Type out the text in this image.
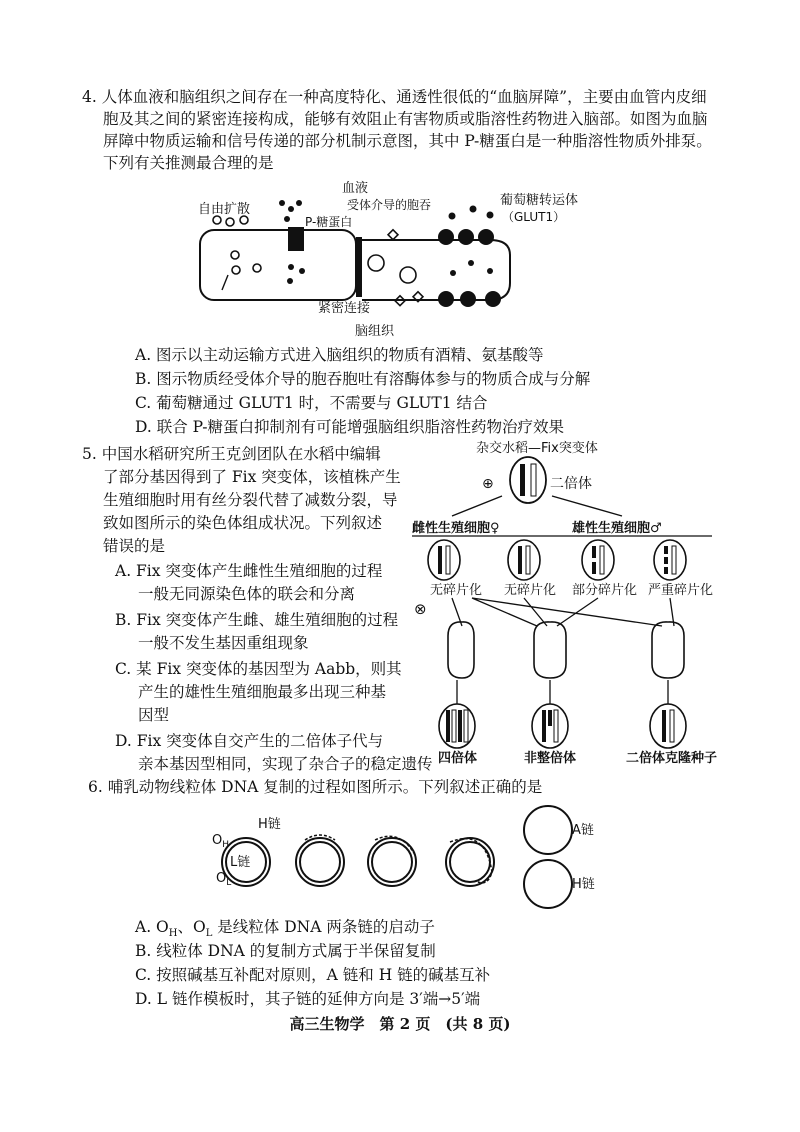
4. 人体血液和脑组织之间存在一种高度特化、通透性很低的“血脑屏障”，主要由血管内皮细
胞及其之间的紧密连接构成，能够有效阻止有害物质或脂溶性药物进入脑部。如图为血脑
屏障中物质运输和信号传递的部分机制示意图，其中 P-糖蛋白是一种脂溶性物质外排泵。
下列有关推测最合理的是
自由扩散
血液
受体介导的胞吞	葡萄糖转运体
（GLUT1）
P-糖蛋白
紧密连接
脑组织
A. 图示以主动运输方式进入脑组织的物质有酒精、氨基酸等
B. 图示物质经受体介导的胞吞胞吐有溶酶体参与的物质合成与分解
C. 葡萄糖通过 GLUT1 时，不需要与 GLUT1 结合
D. 联合 P-糖蛋白抑制剂有可能增强脑组织脂溶性药物治疗效果
5. 中国水稻研究所王克剑团队在水稻中编辑
了部分基因得到了 Fix 突变体，该植株产生
生殖细胞时用有丝分裂代替了减数分裂，导
致如图所示的染色体组成状况。下列叙述
错误的是
A. Fix 突变体产生雌性生殖细胞的过程
一般无同源染色体的联会和分离
B. Fix 突变体产生雌、雄生殖细胞的过程
一般不发生基因重组现象
C. 某 Fix 突变体的基因型为 Aabb，则其
产生的雄性生殖细胞最多出现三种基
因型
D. Fix 突变体自交产生的二倍体子代与
亲本基因型相同，实现了杂合子的稳定遗传
杂交水稻—Fix突变体
⊕	二倍体
雌性生殖细胞♀	雄性生殖细胞♂
无碎片化 无碎片化 部分碎片化 严重碎片化
⊗
四倍体	非整倍体	二倍体克隆种子
6. 哺乳动物线粒体 DNA 复制的过程如图所示。下列叙述正确的是
$O_H$
H链
$O_L$
L链
A链
H链
A. $O_H$、$O_L$ 是线粒体 DNA 两条链的启动子
B. 线粒体 DNA 的复制方式属于半保留复制
C. 按照碱基互补配对原则，A 链和 H 链的碱基互补
D. L 链作模板时，其子链的延伸方向是 3′端→5′端
高三生物学　第 2 页　(共 8 页)
